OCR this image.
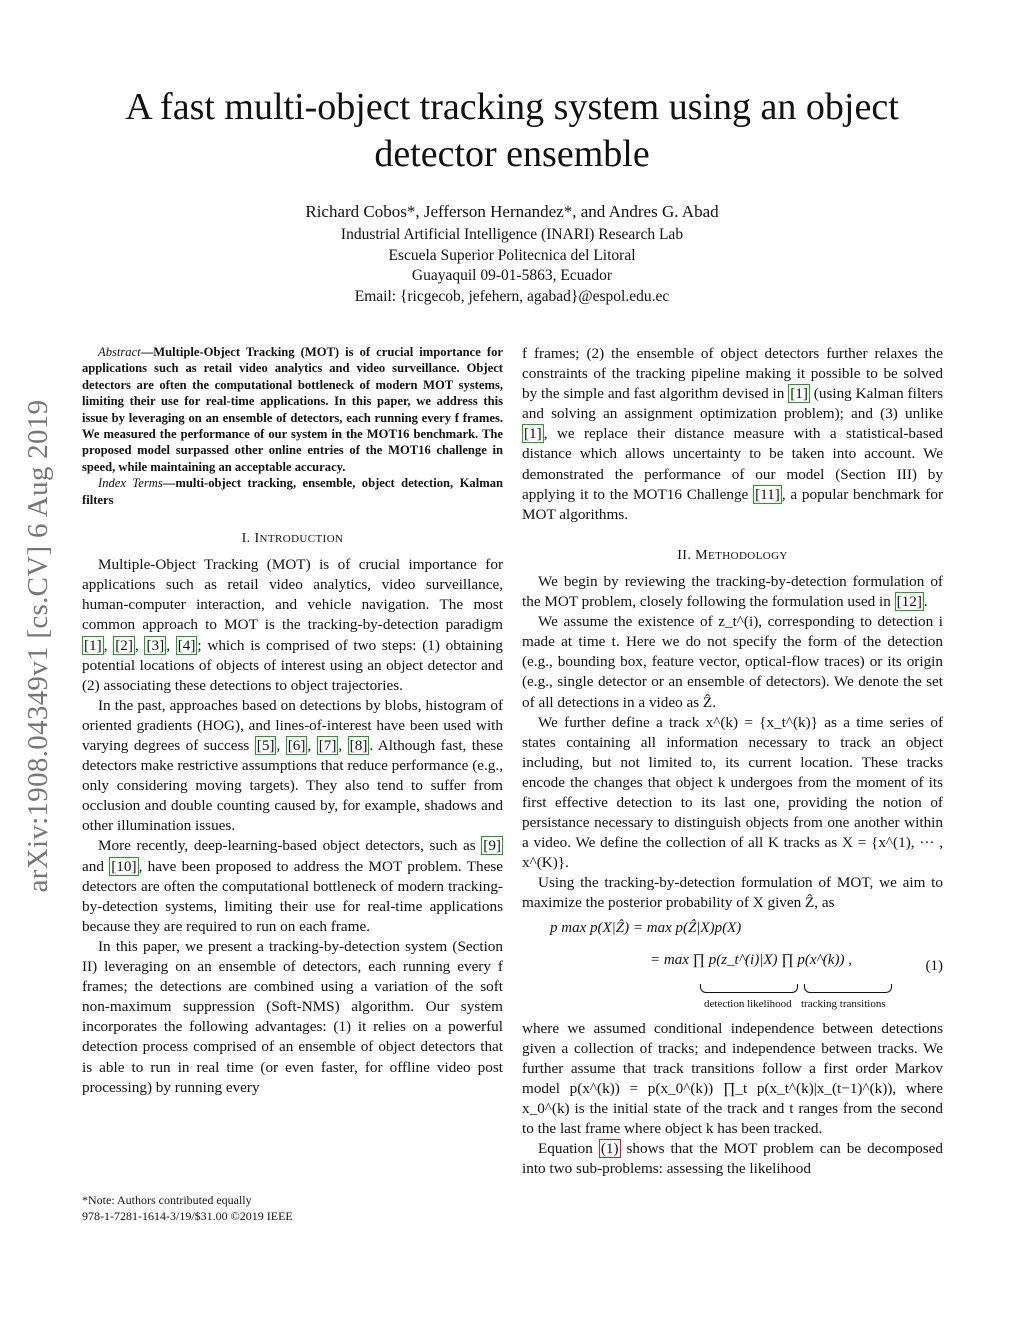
A fast multi-object tracking system using an object detector ensemble
Richard Cobos*, Jefferson Hernandez*, and Andres G. Abad
Industrial Artificial Intelligence (INARI) Research Lab
Escuela Superior Politecnica del Litoral
Guayaquil 09-01-5863, Ecuador
Email: {ricgecob, jefehern, agabad}@espol.edu.ec
arXiv:1908.04349v1 [cs.CV] 6 Aug 2019

Abstract—Multiple-Object Tracking (MOT) is of crucial importance for applications such as retail video analytics and video surveillance. Object detectors are often the computational bottleneck of modern MOT systems, limiting their use for real-time applications. In this paper, we address this issue by leveraging on an ensemble of detectors, each running every f frames. We measured the performance of our system in the MOT16 benchmark. The proposed model surpassed other online entries of the MOT16 challenge in speed, while maintaining an acceptable accuracy.

Index Terms—multi-object tracking, ensemble, object detection, Kalman filters

I. INTRODUCTION

Multiple-Object Tracking (MOT) is of crucial importance for applications such as retail video analytics, video surveillance, human-computer interaction, and vehicle navigation. The most common approach to MOT is the tracking-by-detection paradigm [1] , [2] , [3] , [4] ; which is comprised of two steps: (1) obtaining potential locations of objects of interest using an object detector and (2) associating these detections to object trajectories.

In the past, approaches based on detections by blobs, histogram of oriented gradients (HOG), and lines-of-interest have been used with varying degrees of success [5] , [6] , [7] , [8] . Although fast, these detectors make restrictive assumptions that reduce performance (e.g., only considering moving targets). They also tend to suffer from occlusion and double counting caused by, for example, shadows and other illumination issues.

More recently, deep-learning-based object detectors, such as [9] and [10] , have been proposed to address the MOT problem. These detectors are often the computational bottleneck of modern tracking-by-detection systems, limiting their use for real-time applications because they are required to run on each frame.

In this paper, we present a tracking-by-detection system (Section II) leveraging on an ensemble of detectors, each running every f frames; the detections are combined using a variation of the soft non-maximum suppression (Soft-NMS) algorithm. Our system incorporates the following advantages: (1) it relies on a powerful detection process comprised of an ensemble of object detectors that is able to run in real time (or even faster, for offline video post processing) by running every

*Note: Authors contributed equally
978-1-7281-1614-3/19/$31.00 ©2019 IEEE

f frames; (2) the ensemble of object detectors further relaxes the constraints of the tracking pipeline making it possible to be solved by the simple and fast algorithm devised in [1] (using Kalman filters and solving an assignment optimization problem); and (3) unlike [1] , we replace their distance measure with a statistical-based distance which allows uncertainty to be taken into account. We demonstrated the performance of our model (Section III) by applying it to the MOT16 Challenge [11] , a popular benchmark for MOT algorithms.

II. METHODOLOGY

We begin by reviewing the tracking-by-detection formulation of the MOT problem, closely following the formulation used in [12] .

We assume the existence of z_t^(i), corresponding to detection i made at time t. Here we do not specify the form of the detection (e.g., bounding box, feature vector, optical-flow traces) or its origin (e.g., single detector or an ensemble of detectors). We denote the set of all detections in a video as Ẑ.

We further define a track x^(k) = {x_t^(k)} as a time series of states containing all information necessary to track an object including, but not limited to, its current location. These tracks encode the changes that object k undergoes from the moment of its first effective detection to its last one, providing the notion of persistance necessary to distinguish objects from one another within a video. We define the collection of all K tracks as X = {x^(1), ··· , x^(K)}.

Using the tracking-by-detection formulation of MOT, we aim to maximize the posterior probability of X given Ẑ, as

p max p(X|Ẑ) = max p(Ẑ|X)p(X)
= max ∏ p(z_t^(i)|X) ∏ p(x^(k)) ,	(1)
detection likelihood tracking transitions

where we assumed conditional independence between detections given a collection of tracks; and independence between tracks. We further assume that track transitions follow a first order Markov model p(x^(k)) = p(x_0^(k)) ∏_t p(x_t^(k)|x_(t−1)^(k)), where x_0^(k) is the initial state of the track and t ranges from the second to the last frame where object k has been tracked.

Equation (1) shows that the MOT problem can be decomposed into two sub-problems: assessing the likelihood
